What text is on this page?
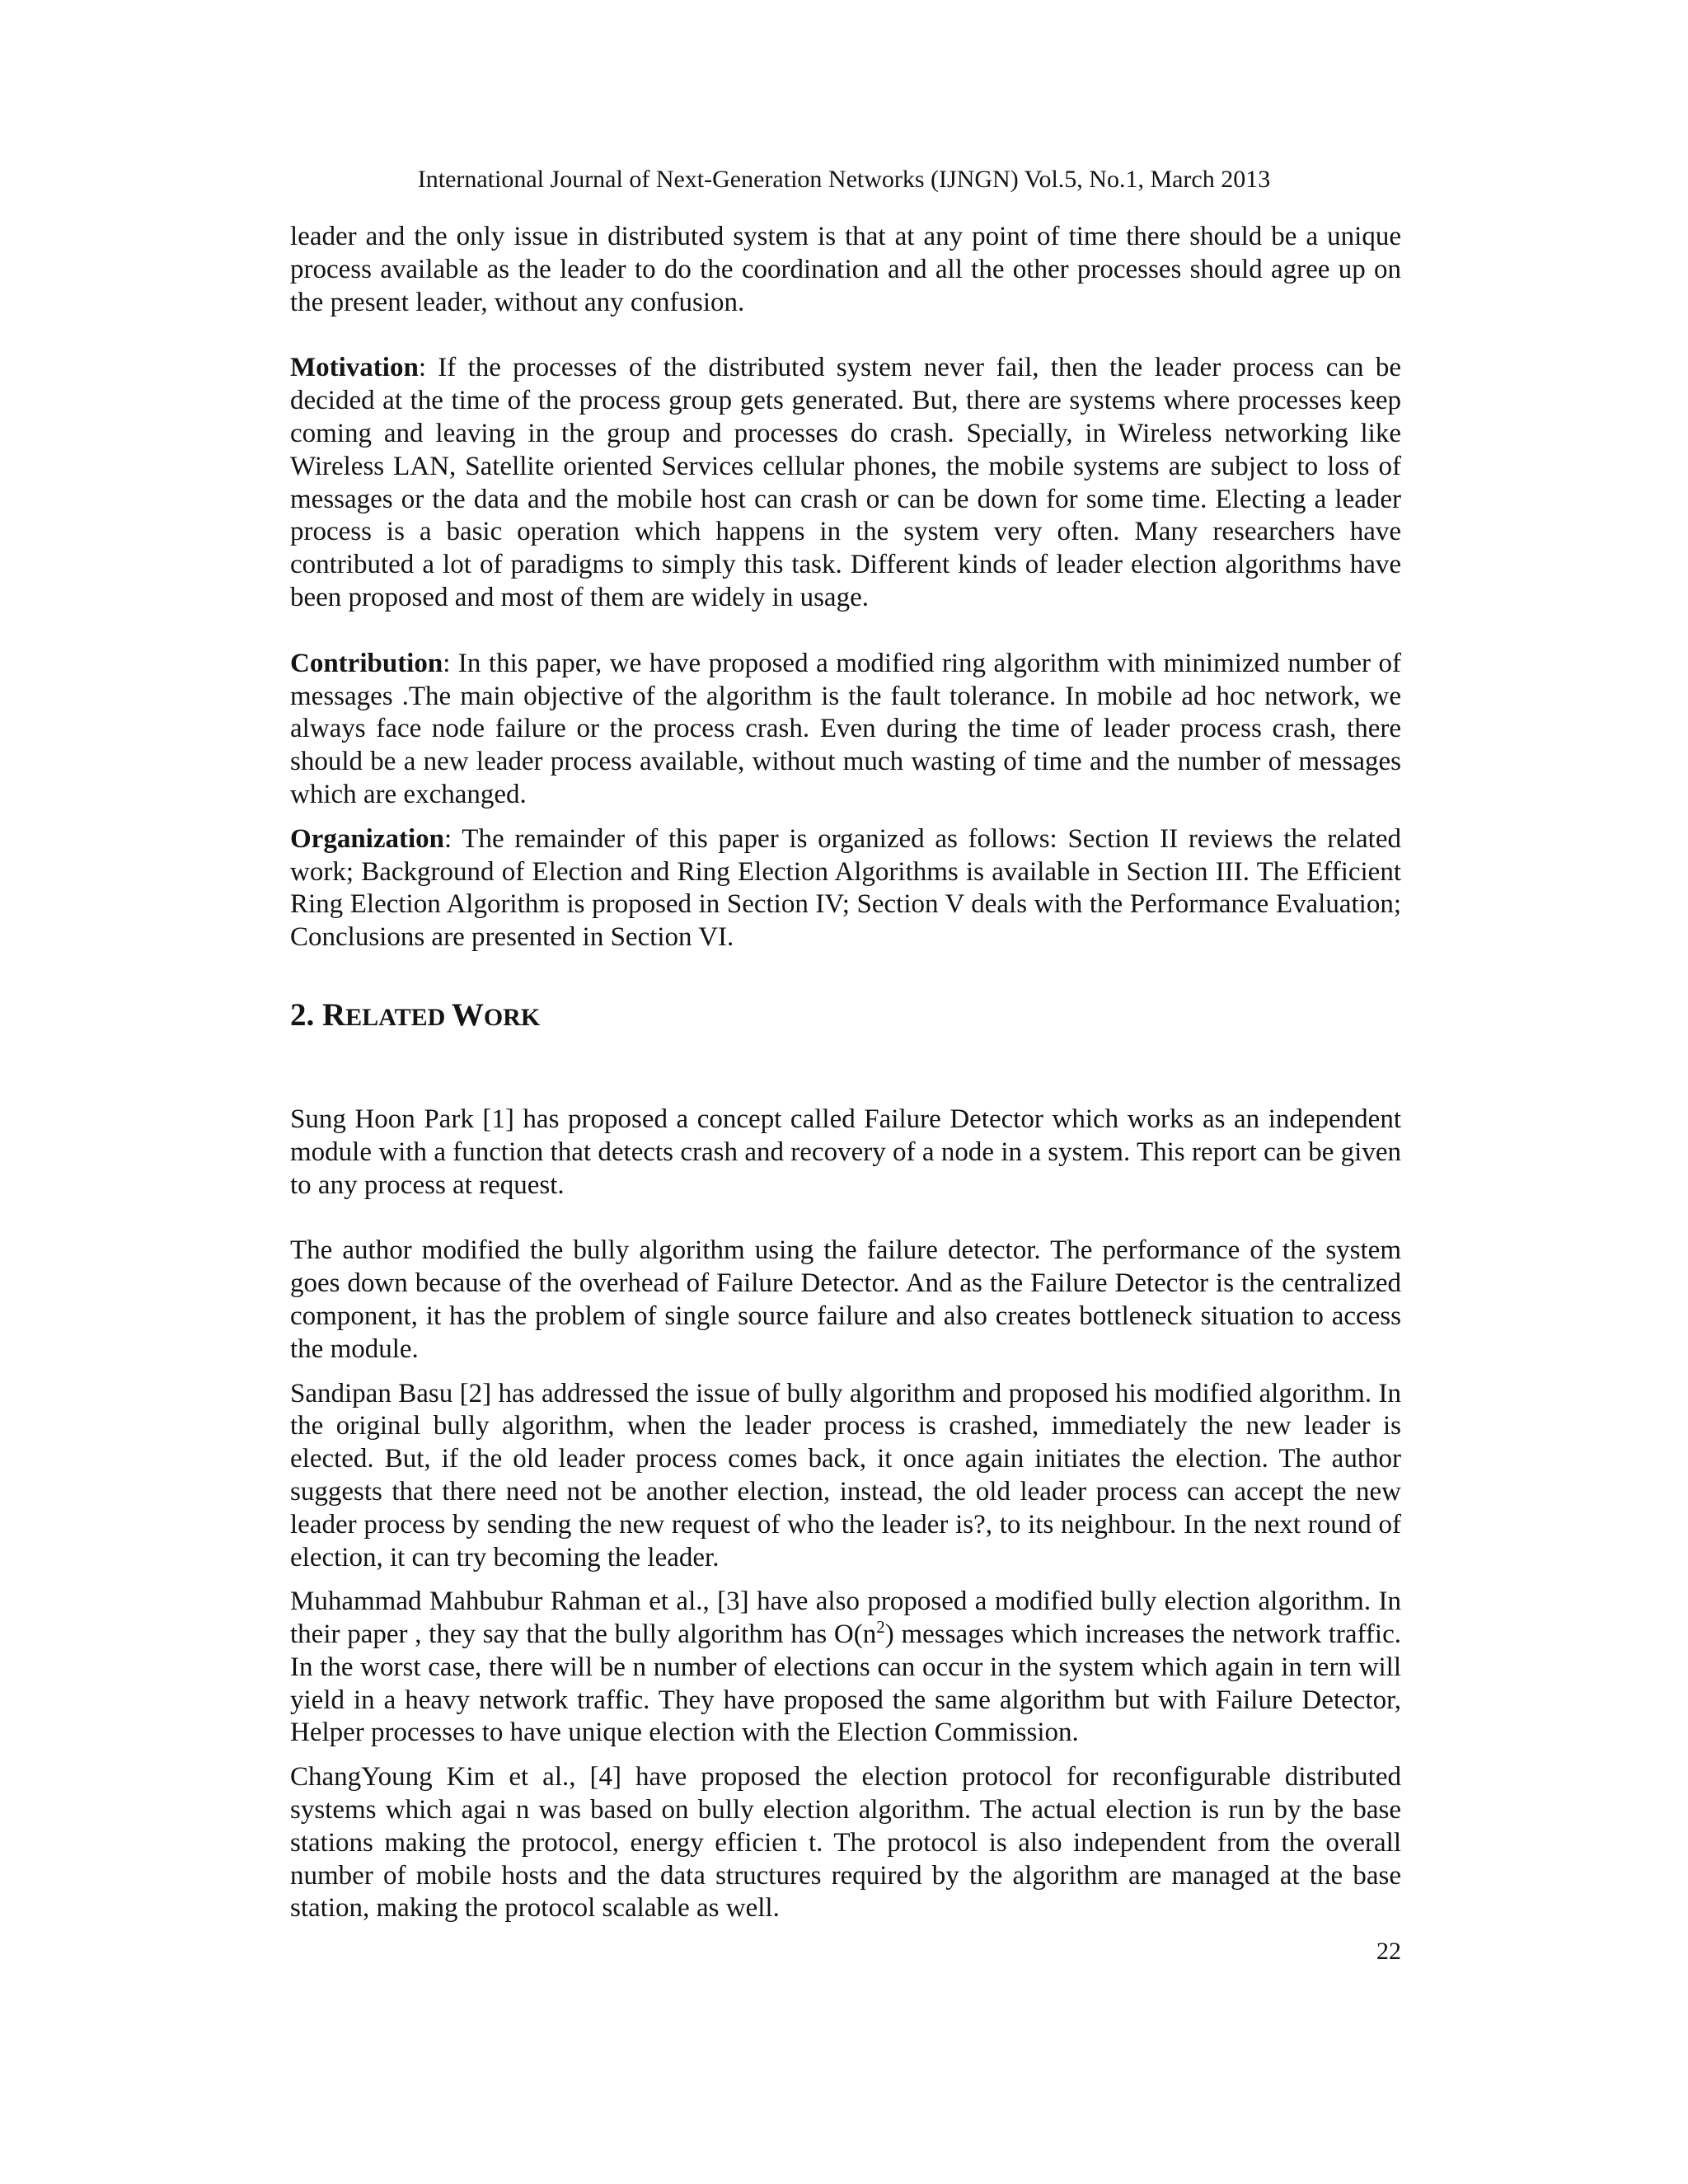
International Journal of Next-Generation Networks (IJNGN) Vol.5, No.1, March 2013

leader and the only issue in distributed system is that at any point of time there should be a unique process available as the leader to do the coordination and all the other processes should agree up on the present leader, without any confusion.

Motivation: If the processes of the distributed system never fail, then the leader process can be decided at the time of the process group gets generated. But, there are systems where processes keep coming and leaving in the group and processes do crash. Specially, in Wireless networking like Wireless LAN, Satellite oriented Services cellular phones, the mobile systems are subject to loss of messages or the data and the mobile host can crash or can be down for some time. Electing a leader process is a basic operation which happens in the system very often. Many researchers have contributed a lot of paradigms to simply this task. Different kinds of leader election algorithms have been proposed and most of them are widely in usage.

Contribution: In this paper, we have proposed a modified ring algorithm with minimized number of messages .The main objective of the algorithm is the fault tolerance. In mobile ad hoc network, we always face node failure or the process crash. Even during the time of leader process crash, there should be a new leader process available, without much wasting of time and the number of messages which are exchanged.

Organization: The remainder of this paper is organized as follows: Section II reviews the related work; Background of Election and Ring Election Algorithms is available in Section III. The Efficient Ring Election Algorithm is proposed in Section IV; Section V deals with the Performance Evaluation; Conclusions are presented in Section VI.

2. RELATED WORK

Sung Hoon Park [1] has proposed a concept called Failure Detector which works as an independent module with a function that detects crash and recovery of a node in a system. This report can be given to any process at request.

The author modified the bully algorithm using the failure detector. The performance of the system goes down because of the overhead of Failure Detector. And as the Failure Detector is the centralized component, it has the problem of single source failure and also creates bottleneck situation to access the module.

Sandipan Basu [2] has addressed the issue of bully algorithm and proposed his modified algorithm. In the original bully algorithm, when the leader process is crashed, immediately the new leader is elected. But, if the old leader process comes back, it once again initiates the election. The author suggests that there need not be another election, instead, the old leader process can accept the new leader process by sending the new request of who the leader is?, to its neighbour. In the next round of election, it can try becoming the leader.

Muhammad Mahbubur Rahman et al., [3] have also proposed a modified bully election algorithm. In their paper , they say that the bully algorithm has $O(n^2)$ messages which increases the network traffic. In the worst case, there will be n number of elections can occur in the system which again in tern will yield in a heavy network traffic. They have proposed the same algorithm but with Failure Detector, Helper processes to have unique election with the Election Commission.

ChangYoung Kim et al., [4] have proposed the election protocol for reconfigurable distributed systems which agai n was based on bully election algorithm. The actual election is run by the base stations making the protocol, energy efficien t. The protocol is also independent from the overall number of mobile hosts and the data structures required by the algorithm are managed at the base station, making the protocol scalable as well.

22
